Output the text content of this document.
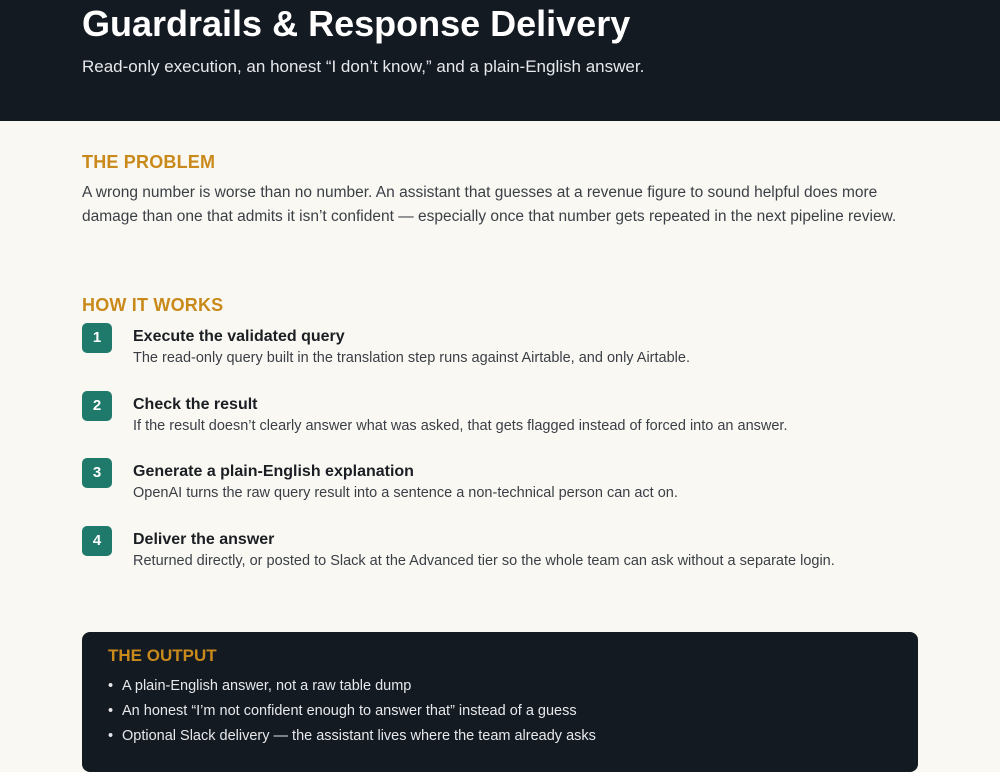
Guardrails & Response Delivery

Read-only execution, an honest “I don’t know,” and a plain-English answer.

THE PROBLEM

A wrong number is worse than no number. An assistant that guesses at a revenue figure to sound helpful does more damage than one that admits it isn’t confident — especially once that number gets repeated in the next pipeline review.

HOW IT WORKS
1	Execute the validated query

The read-only query built in the translation step runs against Airtable, and only Airtable.

2	Check the result

If the result doesn’t clearly answer what was asked, that gets flagged instead of forced into an answer.

3	Generate a plain-English explanation

OpenAI turns the raw query result into a sentence a non-technical person can act on.

4	Deliver the answer

Returned directly, or posted to Slack at the Advanced tier so the whole team can ask without a separate login.

THE OUTPUT
• A plain-English answer, not a raw table dump
• An honest “I’m not confident enough to answer that” instead of a guess
• Optional Slack delivery — the assistant lives where the team already asks
